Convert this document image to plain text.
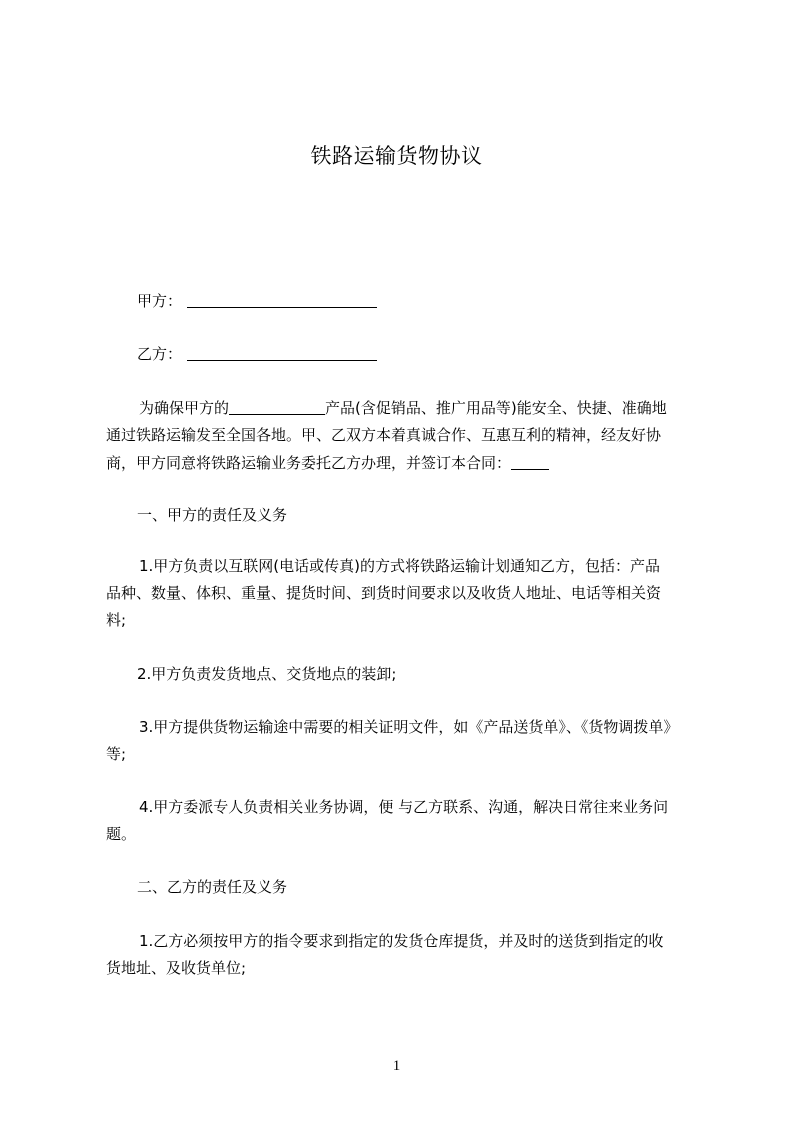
铁路运输货物协议
甲方：
乙方：
为确保甲方的	产品(含促销品、推广用品等)能安全、快捷、准确地
通过铁路运输发至全国各地。甲、乙双方本着真诚合作、互惠互利的精神，经友好协
商，甲方同意将铁路运输业务委托乙方办理，并签订本合同：
一、甲方的责任及义务
1.甲方负责以互联网(电话或传真)的方式将铁路运输计划通知乙方，包括：产品
品种、数量、体积、重量、提货时间、到货时间要求以及收货人地址、电话等相关资
料;
2.甲方负责发货地点、交货地点的装卸;
3.甲方提供货物运输途中需要的相关证明文件，如《产品送货单》、《货物调拨单》
等;
4.甲方委派专人负责相关业务协调，便 与乙方联系、沟通，解决日常往来业务问
题。
二、乙方的责任及义务
1.乙方必须按甲方的指令要求到指定的发货仓库提货，并及时的送货到指定的收
货地址、及收货单位;
1
